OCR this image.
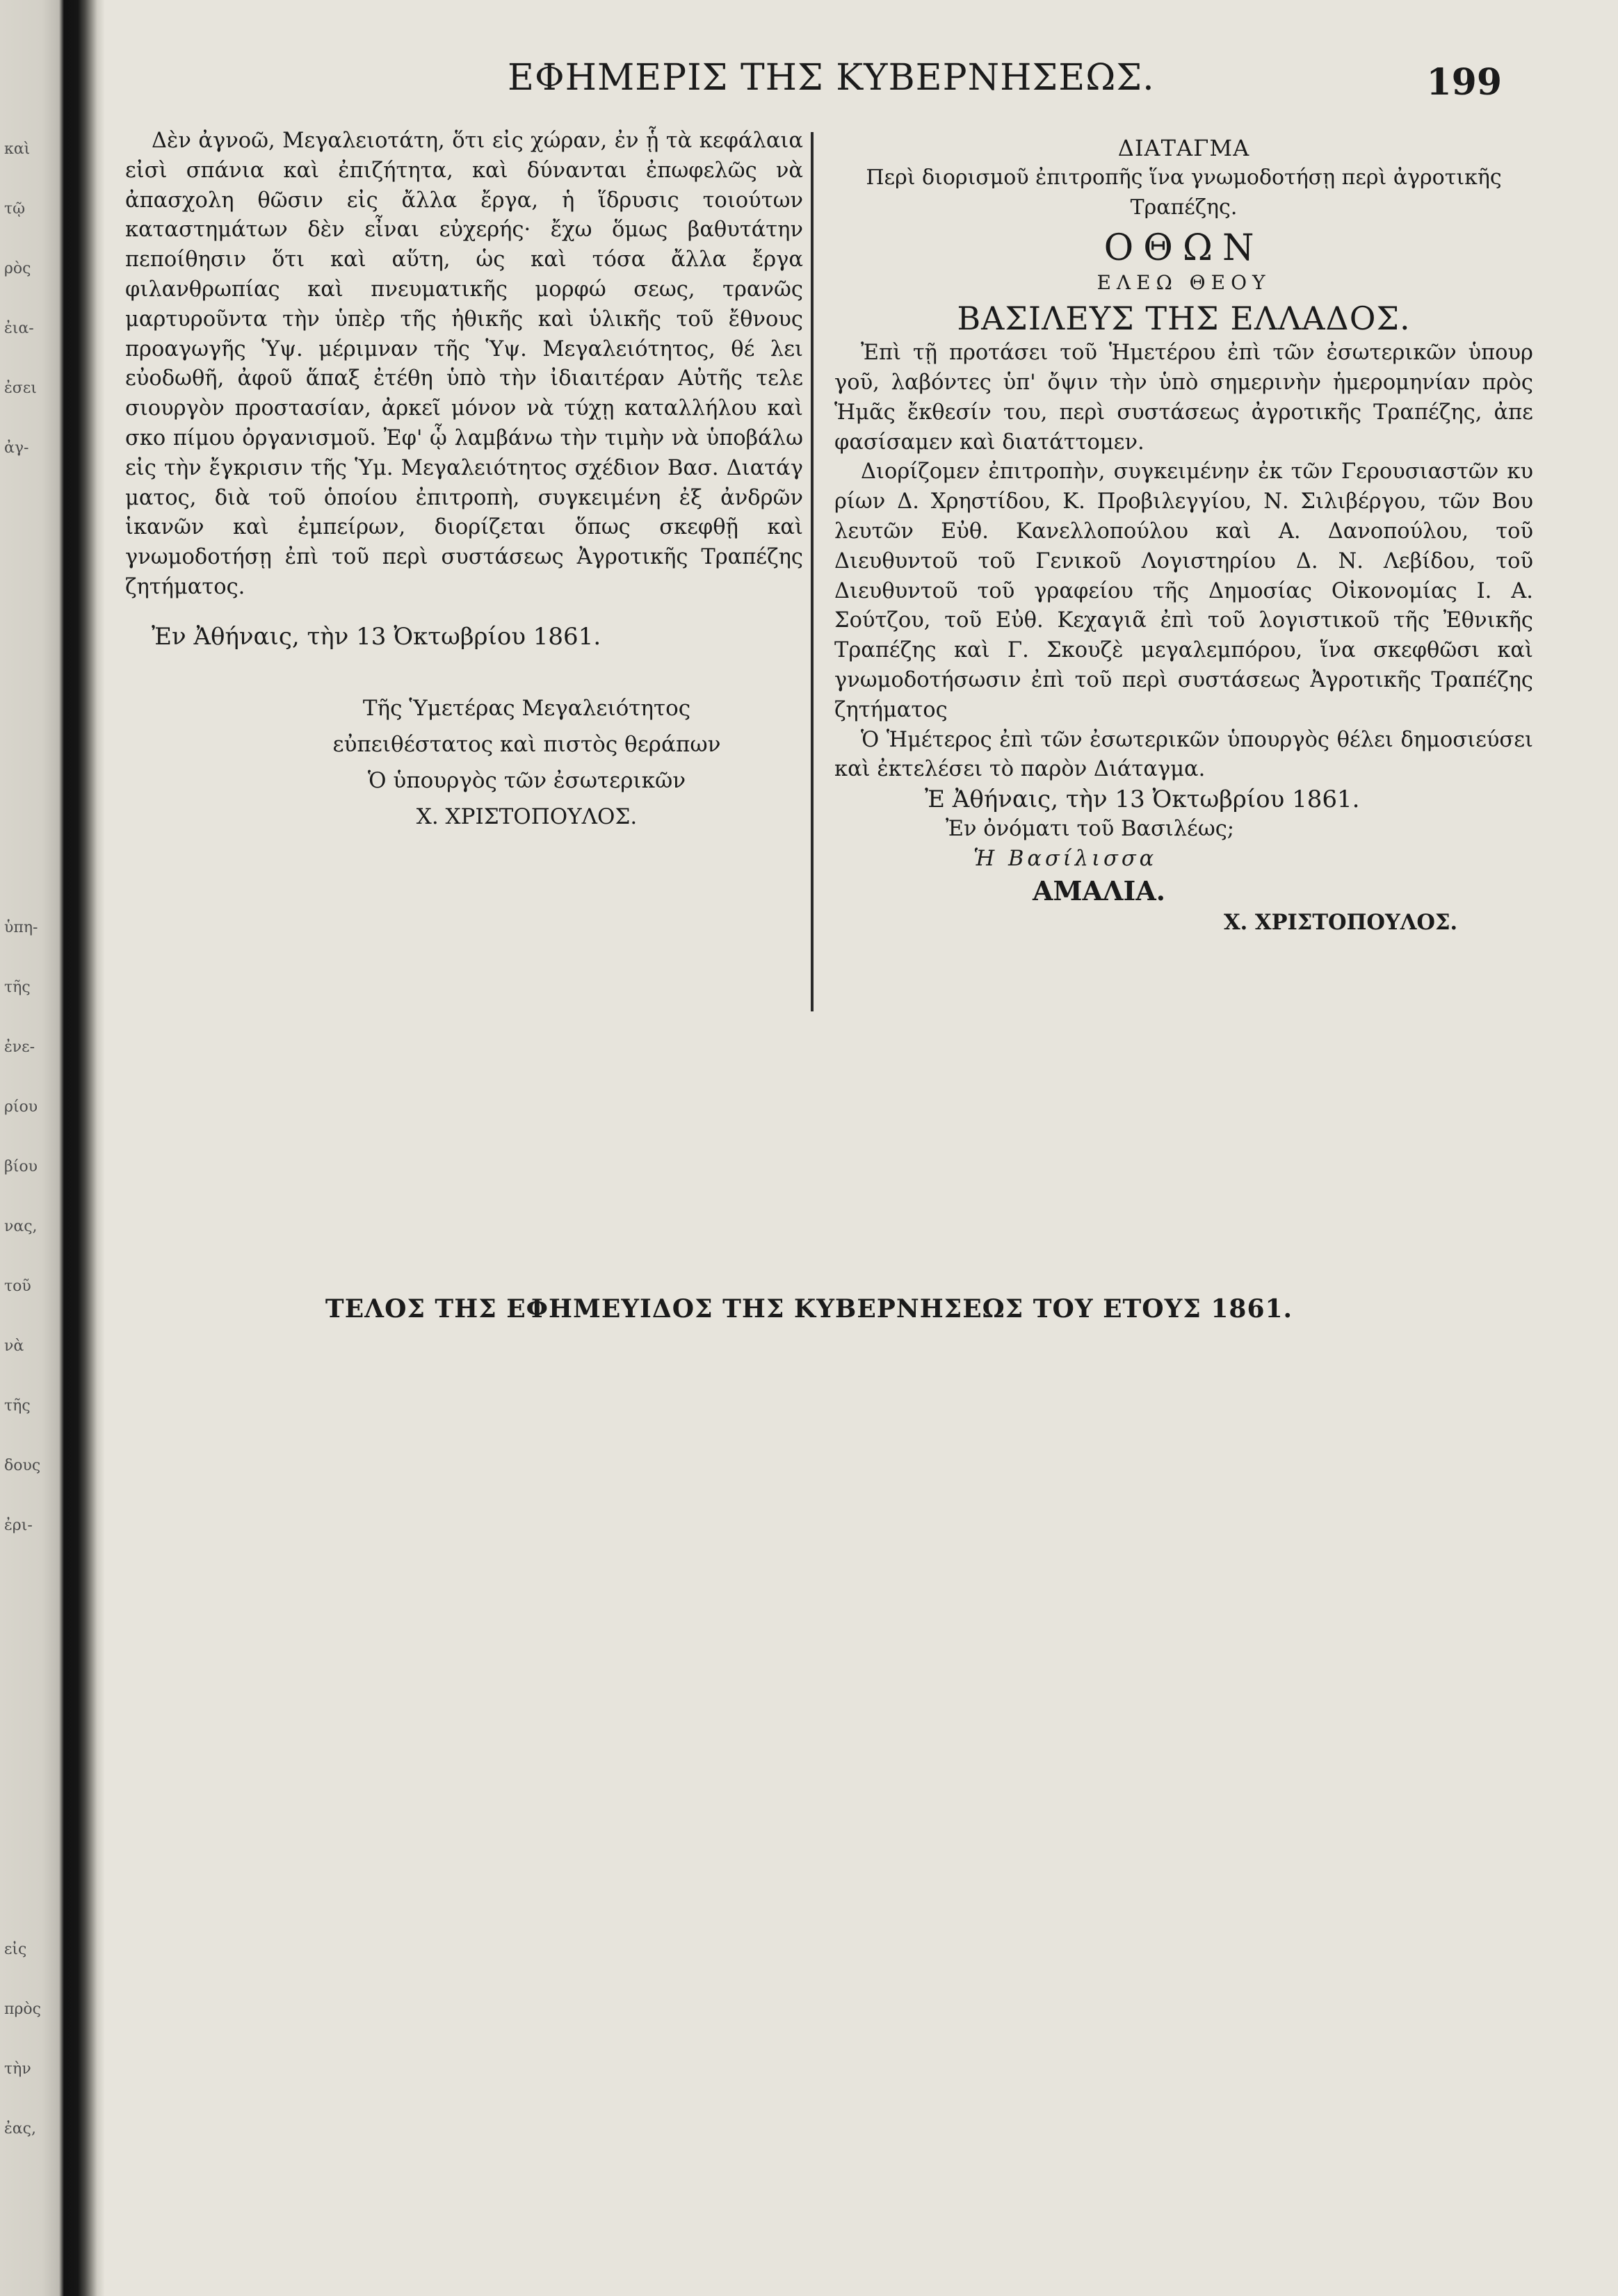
καὶ
τῷ
ρὸς
ἐια-
ἐσει
ἀγ-
ὑπη-
τῆς
ἐνε-
ρίου
βίου
νας,
τοῦ
νὰ
τῆς
δους
ἐρι-
εἰς
πρὸς
τὴν
ἐας,
ΕΦΗΜΕΡΙΣ ΤΗΣ ΚΥΒΕΡΝΗΣΕΩΣ.	199

Δὲν ἀγνοῶ, Μεγαλειοτάτη, ὅτι εἰς χώραν, ἐν ᾗ τὰ κεφάλαια εἰσὶ σπάνια καὶ ἐπιζήτητα, καὶ δύνανται ἐπωφελῶς νὰ ἀπασχολη θῶσιν εἰς ἄλλα ἔργα, ἡ ἵδρυσις τοιούτων καταστημάτων δὲν εἶναι εὐχερής· ἔχω ὅμως βαθυτάτην πεποίθησιν ὅτι καὶ αὕτη, ὡς καὶ τόσα ἄλλα ἔργα φιλανθρωπίας καὶ πνευματικῆς μορφώ σεως, τρανῶς μαρτυροῦντα τὴν ὑπὲρ τῆς ἠθικῆς καὶ ὑλικῆς τοῦ ἔθνους προαγωγῆς Ὑψ. μέριμναν τῆς Ὑψ. Μεγαλειότητος, θέ λει εὐοδωθῆ, ἀφοῦ ἅπαξ ἐτέθη ὑπὸ τὴν ἰδιαιτέραν Αὐτῆς τελε σιουργὸν προστασίαν, ἀρκεῖ μόνον νὰ τύχῃ καταλλήλου καὶ σκο πίμου ὀργανισμοῦ. Ἐφ' ᾧ λαμβάνω τὴν τιμὴν νὰ ὑποβάλω εἰς τὴν ἔγκρισιν τῆς Ὑμ. Μεγαλειότητος σχέδιον Βασ. Διατάγ ματος, διὰ τοῦ ὁποίου ἐπιτροπὴ, συγκειμένη ἐξ ἀνδρῶν ἱκανῶν καὶ ἐμπείρων, διορίζεται ὅπως σκεφθῇ καὶ γνωμοδοτήσῃ ἐπὶ τοῦ περὶ συστάσεως Ἀγροτικῆς Τραπέζης ζητήματος.

Ἐν Ἀθήναις, τὴν 13 Ὀκτωβρίου 1861.

Τῆς Ὑμετέρας Μεγαλειότητος
εὐπειθέστατος καὶ πιστὸς θεράπων
Ὁ ὑπουργὸς τῶν ἐσωτερικῶν
Χ. ΧΡΙΣΤΟΠΟΥΛΟΣ.
ΔΙΑΤΑΓΜΑ
Περὶ διορισμοῦ ἐπιτροπῆς ἵνα γνωμοδοτήσῃ περὶ ἀγροτικῆς Τραπέζης.
ΟΘΩΝ
ΕΛΕΩ ΘΕΟΥ
ΒΑΣΙΛΕΥΣ ΤΗΣ ΕΛΛΑΔΟΣ.

Ἐπὶ τῇ προτάσει τοῦ Ἡμετέρου ἐπὶ τῶν ἐσωτερικῶν ὑπουρ γοῦ, λαβόντες ὑπ' ὄψιν τὴν ὑπὸ σημερινὴν ἡμερομηνίαν πρὸς Ἡμᾶς ἔκθεσίν του, περὶ συστάσεως ἀγροτικῆς Τραπέζης, ἀπε φασίσαμεν καὶ διατάττομεν.

Διορίζομεν ἐπιτροπὴν, συγκειμένην ἐκ τῶν Γερουσιαστῶν κυ ρίων Δ. Χρηστίδου, Κ. Προβιλεγγίου, Ν. Σιλιβέργου, τῶν Βου λευτῶν Εὐθ. Κανελλοπούλου καὶ Α. Δανοπούλου, τοῦ Διευθυντοῦ τοῦ Γενικοῦ Λογιστηρίου Δ. Ν. Λεβίδου, τοῦ Διευθυντοῦ τοῦ γραφείου τῆς Δημοσίας Οἰκονομίας Ι. Α. Σούτζου, τοῦ Εὐθ. Κεχαγιᾶ ἐπὶ τοῦ λογιστικοῦ τῆς Ἐθνικῆς Τραπέζης καὶ Γ. Σκουζὲ μεγαλεμπόρου, ἵνα σκεφθῶσι καὶ γνωμοδοτήσωσιν ἐπὶ τοῦ περὶ συστάσεως Ἀγροτικῆς Τραπέζης ζητήματος

Ὁ Ἡμέτερος ἐπὶ τῶν ἐσωτερικῶν ὑπουργὸς θέλει δημοσιεύσει καὶ ἐκτελέσει τὸ παρὸν Διάταγμα.

Ἐ Ἀθήναις, τὴν 13 Ὀκτωβρίου 1861.

Ἐν ὀνόματι τοῦ Βασιλέως;

Ἡ Βασίλισσα

ΑΜΑΛΙΑ.

Χ. ΧΡΙΣΤΟΠΟΥΛΟΣ.

ΤΕΛΟΣ ΤΗΣ ΕΦΗΜΕΥΙΔΟΣ ΤΗΣ ΚΥΒΕΡΝΗΣΕΩΣ ΤΟΥ ΕΤΟΥΣ 1861.
